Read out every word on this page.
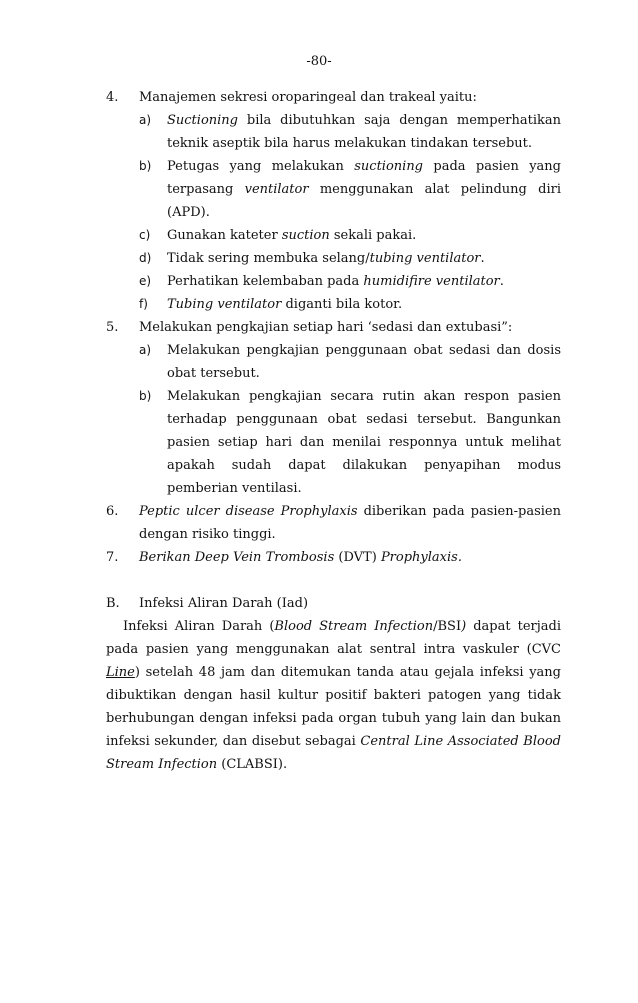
-80-
4. Manajemen sekresi oroparingeal dan trakeal yaitu:
a) Suctioning bila dibutuhkan saja dengan memperhatikan teknik aseptik bila harus melakukan tindakan tersebut.
b) Petugas yang melakukan suctioning pada pasien yang terpasang ventilator menggunakan alat pelindung diri (APD).
c) Gunakan kateter suction sekali pakai.
d) Tidak sering membuka selang/tubing ventilator.
e) Perhatikan kelembaban pada humidifire ventilator.
f) Tubing ventilator diganti bila kotor.
5. Melakukan pengkajian setiap hari ‘sedasi dan extubasi”:
a) Melakukan pengkajian penggunaan obat sedasi dan dosis obat tersebut.
b) Melakukan pengkajian secara rutin akan respon pasien terhadap penggunaan obat sedasi tersebut. Bangunkan pasien setiap hari dan menilai responnya untuk melihat apakah sudah dapat dilakukan penyapihan modus pemberian ventilasi.
6. Peptic ulcer disease Prophylaxis diberikan pada pasien-pasien dengan risiko tinggi.
7. Berikan Deep Vein Trombosis (DVT) Prophylaxis.
B. Infeksi Aliran Darah (Iad)
Infeksi Aliran Darah (Blood Stream Infection/BSI) dapat terjadi pada pasien yang menggunakan alat sentral intra vaskuler (CVC Line) setelah 48 jam dan ditemukan tanda atau gejala infeksi yang dibuktikan dengan hasil kultur positif bakteri patogen yang tidak berhubungan dengan infeksi pada organ tubuh yang lain dan bukan infeksi sekunder, dan disebut sebagai Central Line Associated Blood Stream Infection (CLABSI).
